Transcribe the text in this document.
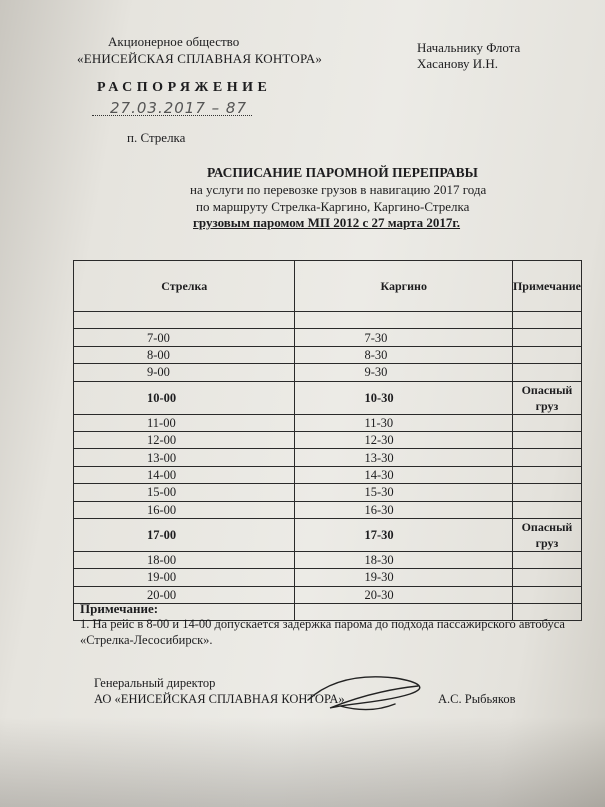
Акционерное общество
«ЕНИСЕЙСКАЯ СПЛАВНАЯ КОНТОРА»
Начальнику Флота
Хасанову И.Н.
РАСПОРЯЖЕНИЕ
27.03.2017 – 87
п. Стрелка
РАСПИСАНИЕ ПАРОМНОЙ ПЕРЕПРАВЫ
на услуги по перевозке грузов в навигацию 2017 года
по маршруту Стрелка-Каргино, Каргино-Стрелка
грузовым паромом МП 2012 с 27 марта 2017г.
Стрелка	Каргино	Примечание

7-00	7-30	
8-00	8-30	
9-00	9-30	
10-00	10-30	Опасный груз
11-00	11-30	
12-00	12-30	
13-00	13-30	
14-00	14-30	
15-00	15-30	
16-00	16-30	
17-00	17-30	Опасный груз
18-00	18-30	
19-00	19-30	
20-00	20-30	

Примечание:
1. На рейс в 8-00 и 14-00 допускается задержка парома до подхода пассажирского автобуса
«Стрелка-Лесосибирск».
Генеральный директор
АО «ЕНИСЕЙСКАЯ СПЛАВНАЯ КОНТОРА»	А.С. Рыбьяков
